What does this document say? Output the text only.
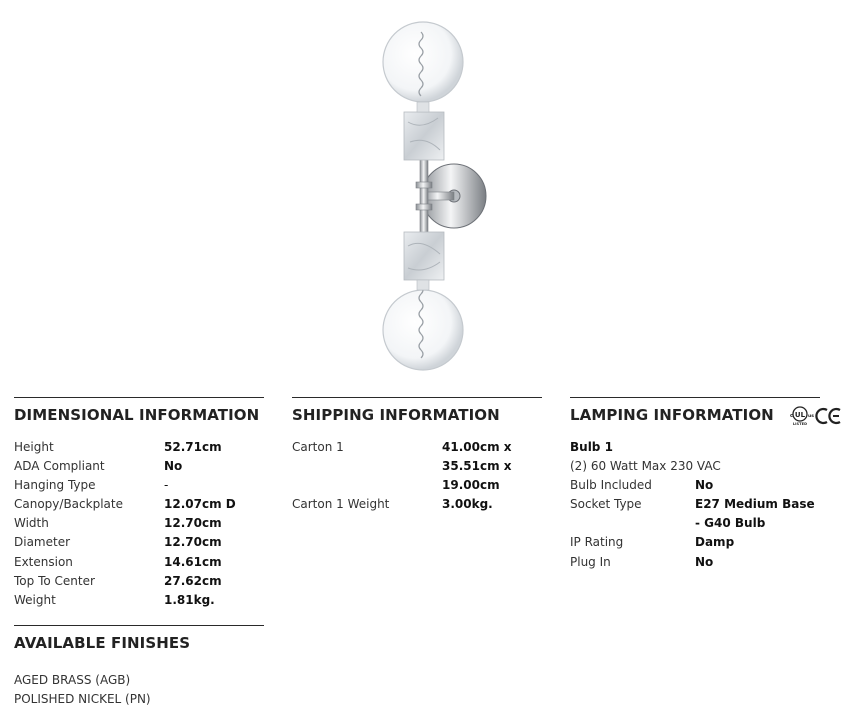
DIMENSIONAL INFORMATION
Height	52.71cm
ADA Compliant	No
Hanging Type	-
Canopy/Backplate	12.07cm D
Width	12.70cm
Diameter	12.70cm
Extension	14.61cm
Top To Center	27.62cm
Weight	1.81kg.
SHIPPING INFORMATION
Carton 1	41.00cm x 35.51cm x 19.00cm
Carton 1 Weight	3.00kg.
LAMPING INFORMATION	UL
c	us
LISTED
Bulb 1
(2) 60 Watt Max 230 VAC
Bulb Included	No
Socket Type	E27 Medium Base - G40 Bulb
IP Rating	Damp
Plug In	No
AVAILABLE FINISHES
AGED BRASS (AGB)
POLISHED NICKEL (PN)
